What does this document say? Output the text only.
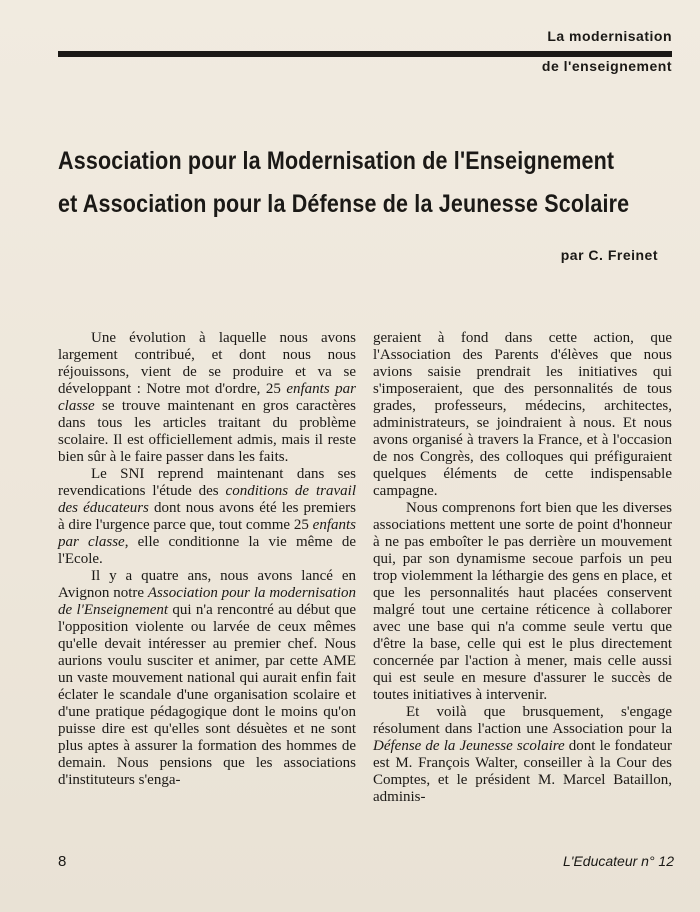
La modernisation
de l'enseignement
Association pour la Modernisation de l'Enseignement
et Association pour la Défense de la Jeunesse Scolaire
par C. Freinet

Une évolution à laquelle nous avons largement contribué, et dont nous nous réjouissons, vient de se produire et va se développant : Notre mot d'ordre, 25 enfants par classe se trouve maintenant en gros caractères dans tous les articles traitant du problème scolaire. Il est officiellement admis, mais il reste bien sûr à le faire passer dans les faits.

Le SNI reprend maintenant dans ses revendications l'étude des conditions de travail des éducateurs dont nous avons été les premiers à dire l'urgence parce que, tout comme 25 enfants par classe, elle conditionne la vie même de l'Ecole.

Il y a quatre ans, nous avons lancé en Avignon notre Association pour la modernisation de l'Enseignement qui n'a rencontré au début que l'opposition violente ou larvée de ceux mêmes qu'elle devait intéresser au premier chef. Nous aurions voulu susciter et animer, par cette AME un vaste mouvement national qui aurait enfin fait éclater le scandale d'une organisation scolaire et d'une pratique pédagogique dont le moins qu'on puisse dire est qu'elles sont désuètes et ne sont plus aptes à assurer la formation des hommes de demain. Nous pensions que les associations d'instituteurs s'enga-

geraient à fond dans cette action, que l'Association des Parents d'élèves que nous avions saisie prendrait les initiatives qui s'imposeraient, que des personnalités de tous grades, professeurs, médecins, architectes, administrateurs, se joindraient à nous. Et nous avons organisé à travers la France, et à l'occasion de nos Congrès, des colloques qui préfiguraient quelques éléments de cette indispensable campagne.

Nous comprenons fort bien que les diverses associations mettent une sorte de point d'honneur à ne pas emboîter le pas derrière un mouvement qui, par son dynamisme secoue parfois un peu trop violemment la léthargie des gens en place, et que les personnalités haut placées conservent malgré tout une certaine réticence à collaborer avec une base qui n'a comme seule vertu que d'être la base, celle qui est le plus directement concernée par l'action à mener, mais celle aussi qui est seule en mesure d'assurer le succès de toutes initiatives à intervenir.

Et voilà que brusquement, s'engage résolument dans l'action une Association pour la Défense de la Jeunesse scolaire dont le fondateur est M. François Walter, conseiller à la Cour des Comptes, et le président M. Marcel Bataillon, adminis-

8	L'Educateur n° 12
